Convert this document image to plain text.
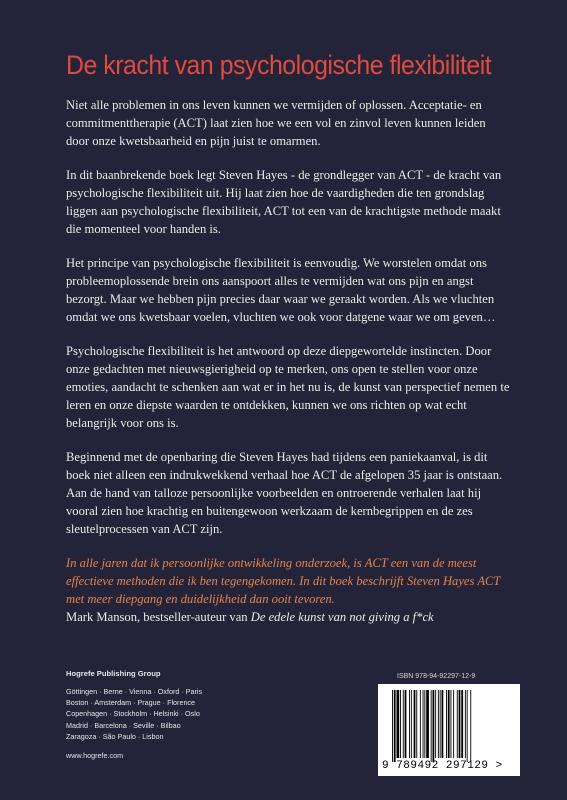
De kracht van psychologische flexibiliteit

Niet alle problemen in ons leven kunnen we vermijden of oplossen. Acceptatie- en commitmenttherapie (ACT) laat zien hoe we een vol en zinvol leven kunnen leiden door onze kwetsbaarheid en pijn juist te omarmen.

In dit baanbrekende boek legt Steven Hayes - de grondlegger van ACT - de kracht van psychologische flexibiliteit uit. Hij laat zien hoe de vaardigheden die ten grondslag liggen aan psychologische flexibiliteit, ACT tot een van de krachtigste methode maakt die momenteel voor handen is.

Het principe van psychologische flexibiliteit is eenvoudig. We worstelen omdat ons probleemoplossende brein ons aanspoort alles te vermijden wat ons pijn en angst bezorgt. Maar we hebben pijn precies daar waar we geraakt worden. Als we vluchten omdat we ons kwetsbaar voelen, vluchten we ook voor datgene waar we om geven…

Psychologische flexibiliteit is het antwoord op deze diepgewortelde instincten. Door onze gedachten met nieuwsgierigheid op te merken, ons open te stellen voor onze emoties, aandacht te schenken aan wat er in het nu is, de kunst van perspectief nemen te leren en onze diepste waarden te ontdekken, kunnen we ons richten op wat echt belangrijk voor ons is.

Beginnend met de openbaring die Steven Hayes had tijdens een paniekaanval, is dit boek niet alleen een indrukwekkend verhaal hoe ACT de afgelopen 35 jaar is ontstaan. Aan de hand van talloze persoonlijke voorbeelden en ontroerende verhalen laat hij vooral zien hoe krachtig en buitengewoon werkzaam de kernbegrippen en de zes sleutelprocessen van ACT zijn.

In alle jaren dat ik persoonlijke ontwikkeling onderzoek, is ACT een van de meest effectieve methoden die ik ben tegengekomen. In dit boek beschrijft Steven Hayes ACT met meer diepgang en duidelijkheid dan ooit tevoren.

Mark Manson, bestseller-auteur van De edele kunst van not giving a f*ck

Hogrefe Publishing Group
Göttingen · Berne · Vienna · Oxford · Paris
Boston · Amsterdam · Prague · Florence
Copenhagen · Stockholm · Helsinki · Oslo
Madrid · Barcelona · Seville · Bilbao
Zaragoza · São Paulo · Lisbon
www.hogrefe.com
ISBN 978-94-92297-12-9
9 789492 297129 >
